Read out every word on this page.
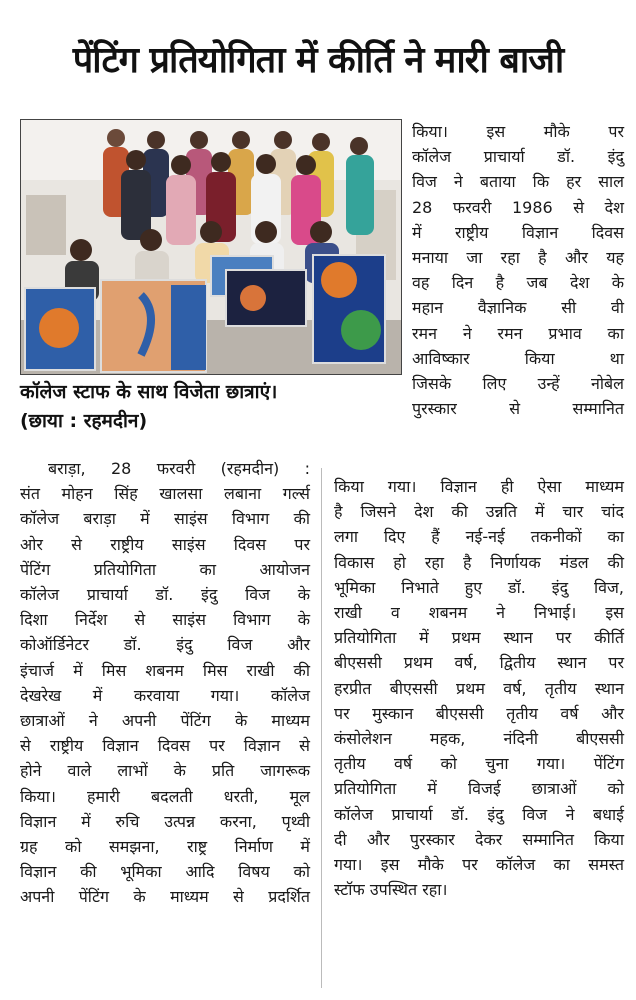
पेंटिंग प्रतियोगिता में कीर्ति ने मारी बाजी
कॉलेज स्टाफ के साथ विजेता छात्राएं।
(छाया : रहमदीन)
किया। इस मौके पर
कॉलेज प्राचार्या डॉ. इंदु
विज ने बताया कि हर साल
28 फरवरी 1986 से देश
में राष्ट्रीय विज्ञान दिवस
मनाया जा रहा है और यह
वह दिन है जब देश के
महान वैज्ञानिक सी वी
रमन ने रमन प्रभाव का
आविष्कार किया था
जिसके लिए उन्हें नोबेल
पुरस्कार से सम्मानित
बराड़ा, 28 फरवरी (रहमदीन) :
संत मोहन सिंह खालसा लबाना गर्ल्स
कॉलेज बराड़ा में साइंस विभाग की
ओर से राष्ट्रीय साइंस दिवस पर
पेंटिंग प्रतियोगिता का आयोजन
कॉलेज प्राचार्या डॉ. इंदु विज के
दिशा निर्देश से साइंस विभाग के
कोऑर्डिनेटर डॉ. इंदु विज और
इंचार्ज में मिस शबनम मिस राखी की
देखरेख में करवाया गया। कॉलेज
छात्राओं ने अपनी पेंटिंग के माध्यम
से राष्ट्रीय विज्ञान दिवस पर विज्ञान से
होने वाले लाभों के प्रति जागरूक
किया। हमारी बदलती धरती, मूल
विज्ञान में रुचि उत्पन्न करना, पृथ्वी
ग्रह को समझना, राष्ट्र निर्माण में
विज्ञान की भूमिका आदि विषय को
अपनी पेंटिंग के माध्यम से प्रदर्शित
किया गया। विज्ञान ही ऐसा माध्यम
है जिसने देश की उन्नति में चार चांद
लगा दिए हैं नई-नई तकनीकों का
विकास हो रहा है निर्णायक मंडल की
भूमिका निभाते हुए डॉ. इंदु विज,
राखी व शबनम ने निभाई। इस
प्रतियोगिता में प्रथम स्थान पर कीर्ति
बीएससी प्रथम वर्ष, द्वितीय स्थान पर
हरप्रीत बीएससी प्रथम वर्ष, तृतीय स्थान
पर मुस्कान बीएससी तृतीय वर्ष और
कंसोलेशन महक, नंदिनी बीएससी
तृतीय वर्ष को चुना गया। पेंटिंग
प्रतियोगिता में विजई छात्राओं को
कॉलेज प्राचार्या डॉ. इंदु विज ने बधाई
दी और पुरस्कार देकर सम्मानित किया
गया। इस मौके पर कॉलेज का समस्त
स्टॉफ उपस्थित रहा।
